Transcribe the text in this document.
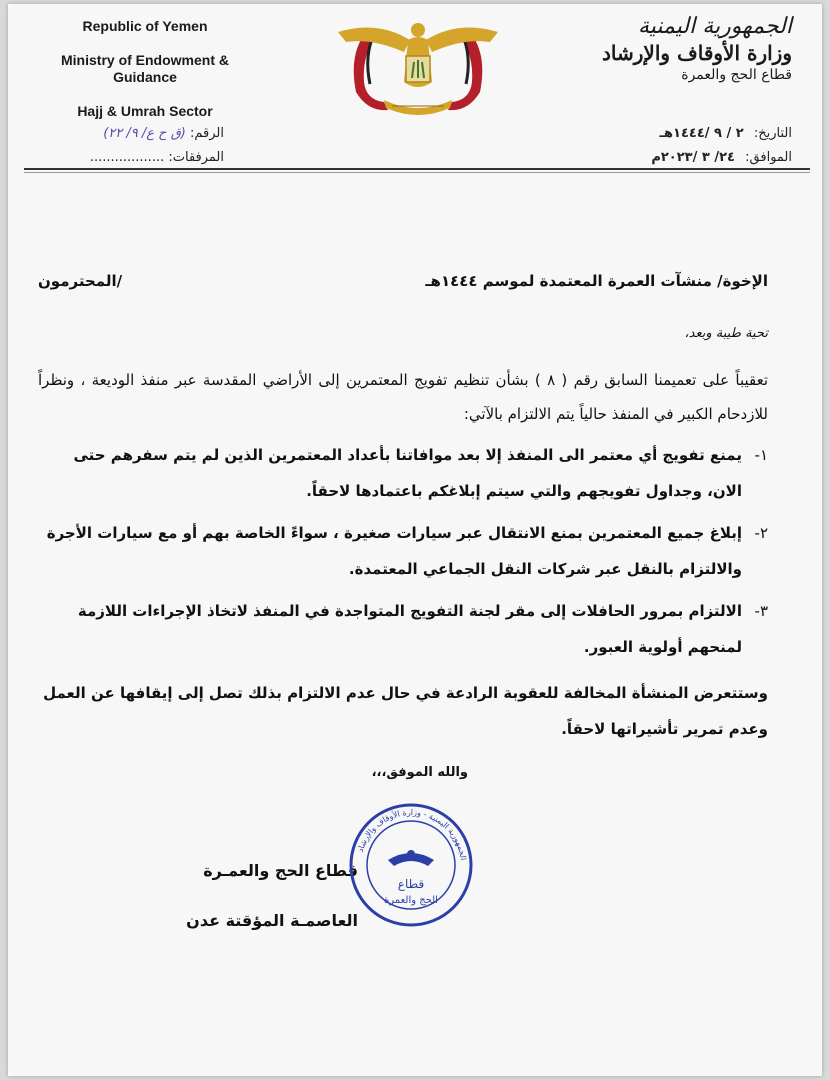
Republic of Yemen
Ministry of Endowment & Guidance
Hajj & Umrah Sector
الجمهورية اليمنية
وزارة الأوقاف والإرشاد
قطاع الحج والعمرة
الرقم: (ق ح ع/ ٩/ ٢٢)
المرفقات: ..................
التاريخ: ٢ / ٩ /١٤٤٤هـ
الموافق: ٢٤/ ٣ /٢٠٢٣م
الإخوة/ منشآت العمرة المعتمدة لموسم ١٤٤٤هـ
/المحترمون
تحية طيبة وبعد،
تعقيباً على تعميمنا السابق رقم ( ٨ ) بشأن تنظيم تفويج المعتمرين إلى الأراضي المقدسة عبر منفذ الوديعة ، ونظراً للازدحام الكبير في المنفذ حالياً يتم الالتزام بالآتي:
١-
يمنع تفويج أي معتمر الى المنفذ إلا بعد موافاتنا بأعداد المعتمرين الذين لم يتم سفرهم حتى الان، وجداول تفويجهم والتي سيتم إبلاغكم باعتمادها لاحقاً.
٢-
إبلاغ جميع المعتمرين بمنع الانتقال عبر سيارات صغيرة ، سواءً الخاصة بهم أو مع سيارات الأجرة والالتزام بالنقل عبر شركات النقل الجماعي المعتمدة.
٣-
الالتزام بمرور الحافلات إلى مقر لجنة التفويج المتواجدة في المنفذ لاتخاذ الإجراءات اللازمة لمنحهم أولوية العبور.
وستتعرض المنشأة المخالفة للعقوبة الرادعة في حال عدم الالتزام بذلك تصل إلى إيقافها عن العمل وعدم تمرير تأشيراتها لاحقاً.
والله الموفق،،،
قطاع الحج والعمـرة
العاصمـة المؤقتة عدن
الجمهورية اليمنية - وزارة الأوقاف والإرشاد
قطاع
الحج والعمرة
